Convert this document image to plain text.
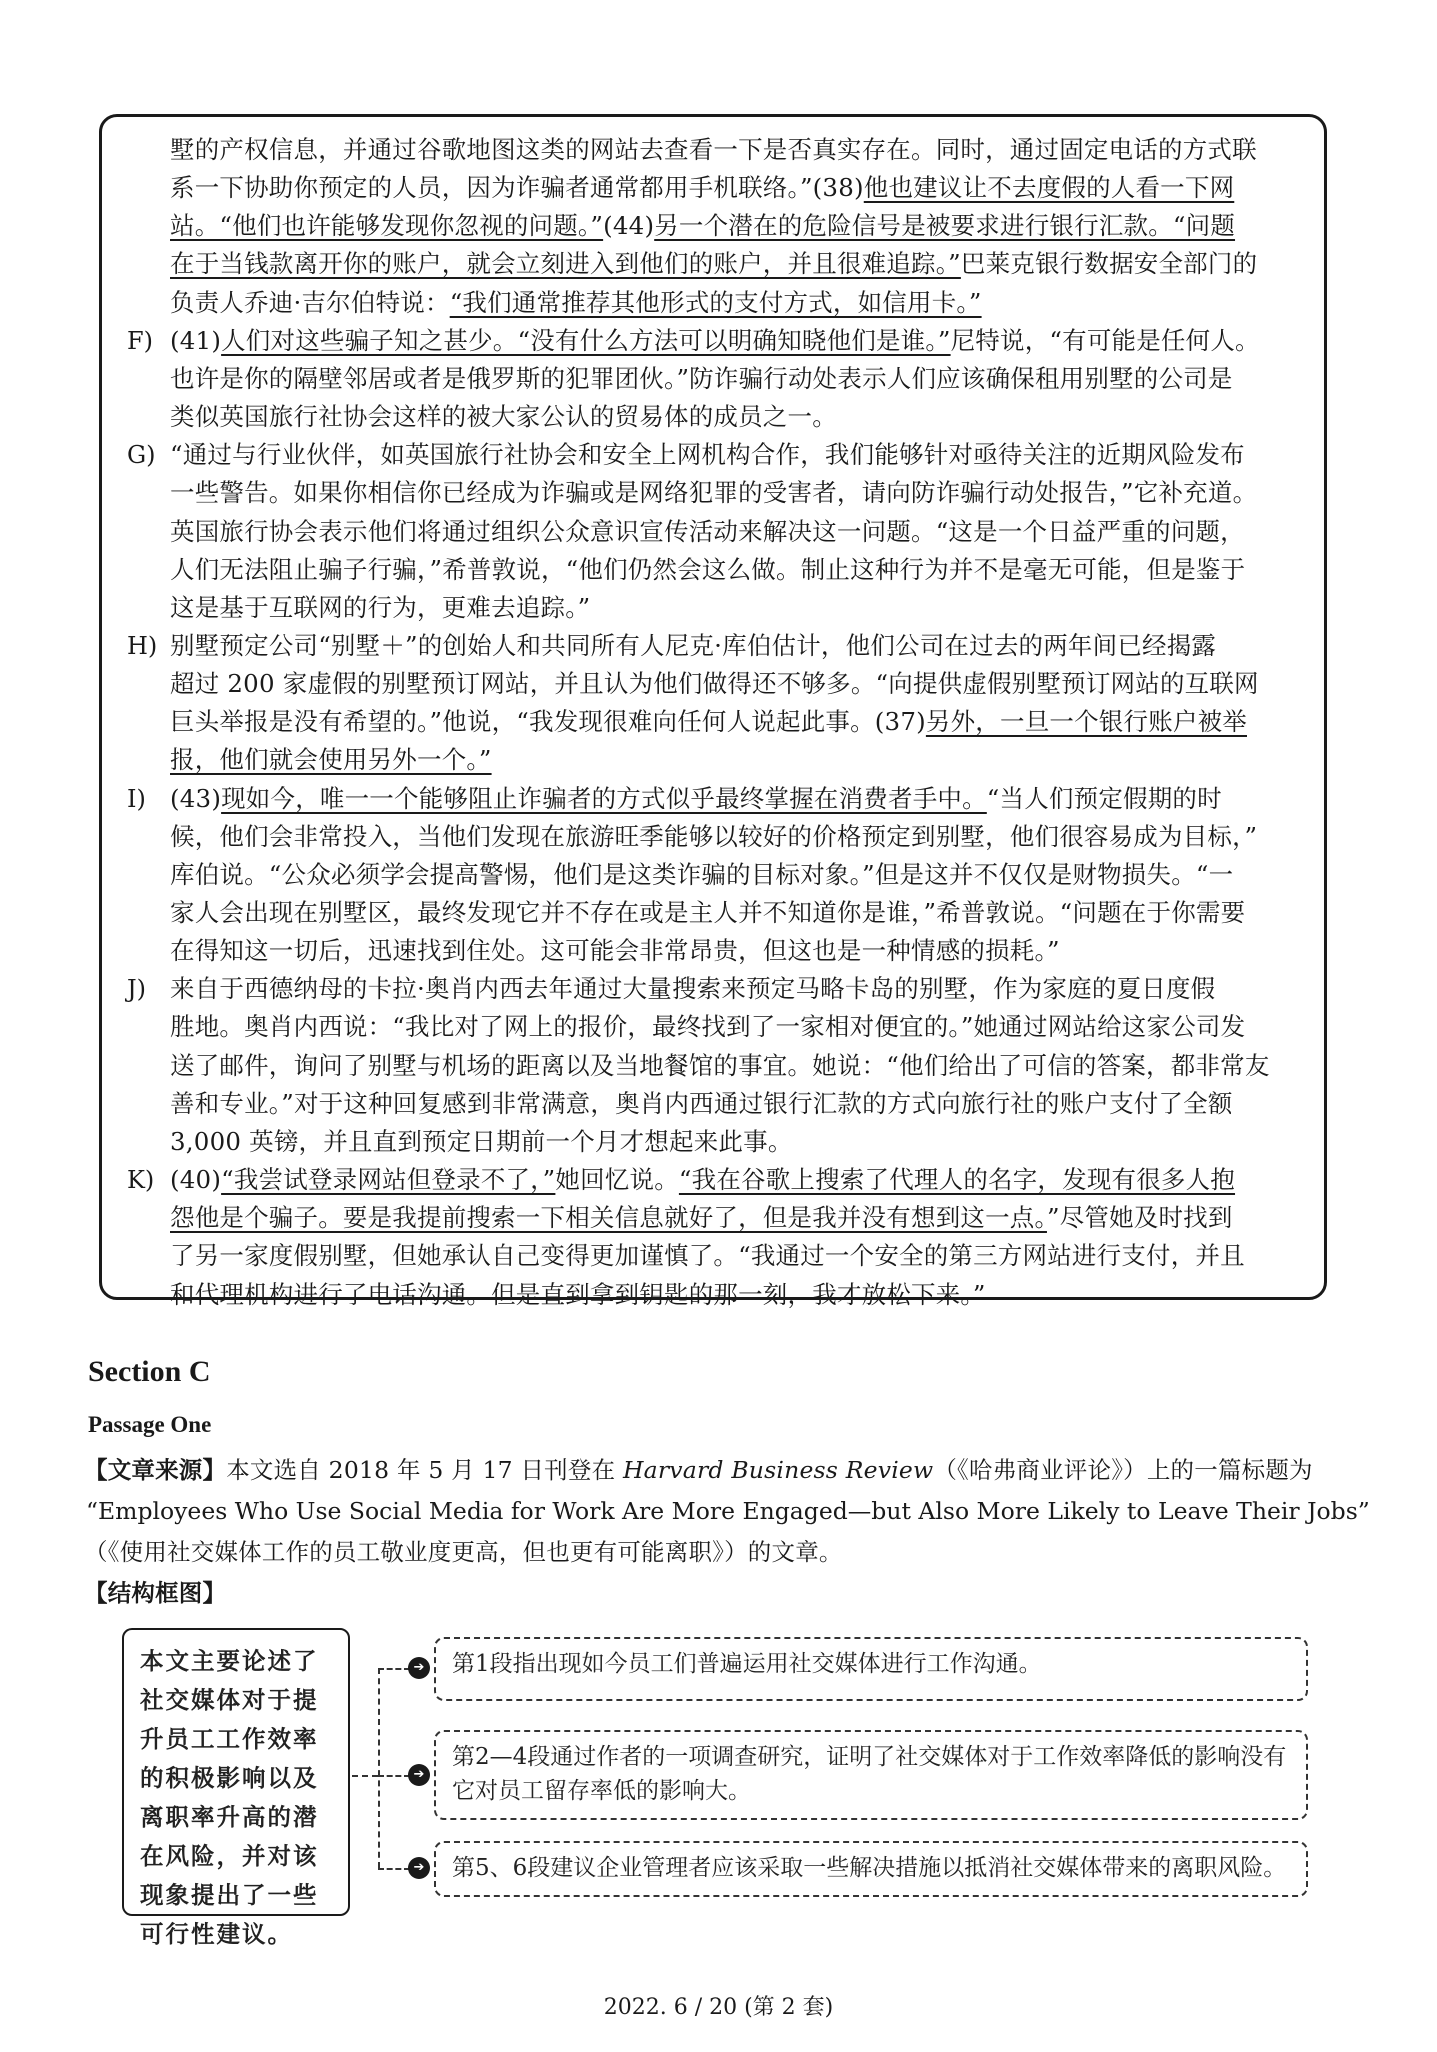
墅的产权信息，并通过谷歌地图这类的网站去查看一下是否真实存在。同时，通过固定电话的方式联
系一下协助你预定的人员，因为诈骗者通常都用手机联络。”(38)他也建议让不去度假的人看一下网
站。“他们也许能够发现你忽视的问题。”(44)另一个潜在的危险信号是被要求进行银行汇款。“问题
在于当钱款离开你的账户，就会立刻进入到他们的账户，并且很难追踪。”巴莱克银行数据安全部门的
负责人乔迪·吉尔伯特说：“我们通常推荐其他形式的支付方式，如信用卡。”
F) (41)人们对这些骗子知之甚少。“没有什么方法可以明确知晓他们是谁。”尼特说，“有可能是任何人。
也许是你的隔壁邻居或者是俄罗斯的犯罪团伙。”防诈骗行动处表示人们应该确保租用别墅的公司是
类似英国旅行社协会这样的被大家公认的贸易体的成员之一。
G) “通过与行业伙伴，如英国旅行社协会和安全上网机构合作，我们能够针对亟待关注的近期风险发布
一些警告。如果你相信你已经成为诈骗或是网络犯罪的受害者，请向防诈骗行动处报告，”它补充道。
英国旅行协会表示他们将通过组织公众意识宣传活动来解决这一问题。“这是一个日益严重的问题，
人们无法阻止骗子行骗，”希普敦说，“他们仍然会这么做。制止这种行为并不是毫无可能，但是鉴于
这是基于互联网的行为，更难去追踪。”
H) 别墅预定公司“别墅＋”的创始人和共同所有人尼克·库伯估计，他们公司在过去的两年间已经揭露
超过 200 家虚假的别墅预订网站，并且认为他们做得还不够多。“向提供虚假别墅预订网站的互联网
巨头举报是没有希望的。”他说，“我发现很难向任何人说起此事。(37)另外，一旦一个银行账户被举
报，他们就会使用另外一个。”
I) (43)现如今，唯一一个能够阻止诈骗者的方式似乎最终掌握在消费者手中。“当人们预定假期的时
候，他们会非常投入，当他们发现在旅游旺季能够以较好的价格预定到别墅，他们很容易成为目标，”
库伯说。“公众必须学会提高警惕，他们是这类诈骗的目标对象。”但是这并不仅仅是财物损失。“一
家人会出现在别墅区，最终发现它并不存在或是主人并不知道你是谁，”希普敦说。“问题在于你需要
在得知这一切后，迅速找到住处。这可能会非常昂贵，但这也是一种情感的损耗。”
J) 来自于西德纳母的卡拉·奥肖内西去年通过大量搜索来预定马略卡岛的别墅，作为家庭的夏日度假
胜地。奥肖内西说：“我比对了网上的报价，最终找到了一家相对便宜的。”她通过网站给这家公司发
送了邮件，询问了别墅与机场的距离以及当地餐馆的事宜。她说：“他们给出了可信的答案，都非常友
善和专业。”对于这种回复感到非常满意，奥肖内西通过银行汇款的方式向旅行社的账户支付了全额
3,000 英镑，并且直到预定日期前一个月才想起来此事。
K) (40)“我尝试登录网站但登录不了，”她回忆说。“我在谷歌上搜索了代理人的名字，发现有很多人抱
怨他是个骗子。要是我提前搜索一下相关信息就好了，但是我并没有想到这一点。”尽管她及时找到
了另一家度假别墅，但她承认自己变得更加谨慎了。“我通过一个安全的第三方网站进行支付，并且
和代理机构进行了电话沟通。但是直到拿到钥匙的那一刻，我才放松下来。”
Section C
Passage One
【文章来源】本文选自 2018 年 5 月 17 日刊登在 Harvard Business Review（《哈弗商业评论》）上的一篇标题为
“Employees Who Use Social Media for Work Are More Engaged—but Also More Likely to Leave Their Jobs”
（《使用社交媒体工作的员工敬业度更高，但也更有可能离职》）的文章。
【结构框图】
本文主要论述了社交媒体对于提升员工工作效率的积极影响以及离职率升高的潜在风险，并对该现象提出了一些可行性建议。
➔
➔
➔
第1段指出现如今员工们普遍运用社交媒体进行工作沟通。
第2—4段通过作者的一项调查研究，证明了社交媒体对于工作效率降低的影响没有它对员工留存率低的影响大。
第5、6段建议企业管理者应该采取一些解决措施以抵消社交媒体带来的离职风险。
2022. 6 / 20 (第 2 套)
